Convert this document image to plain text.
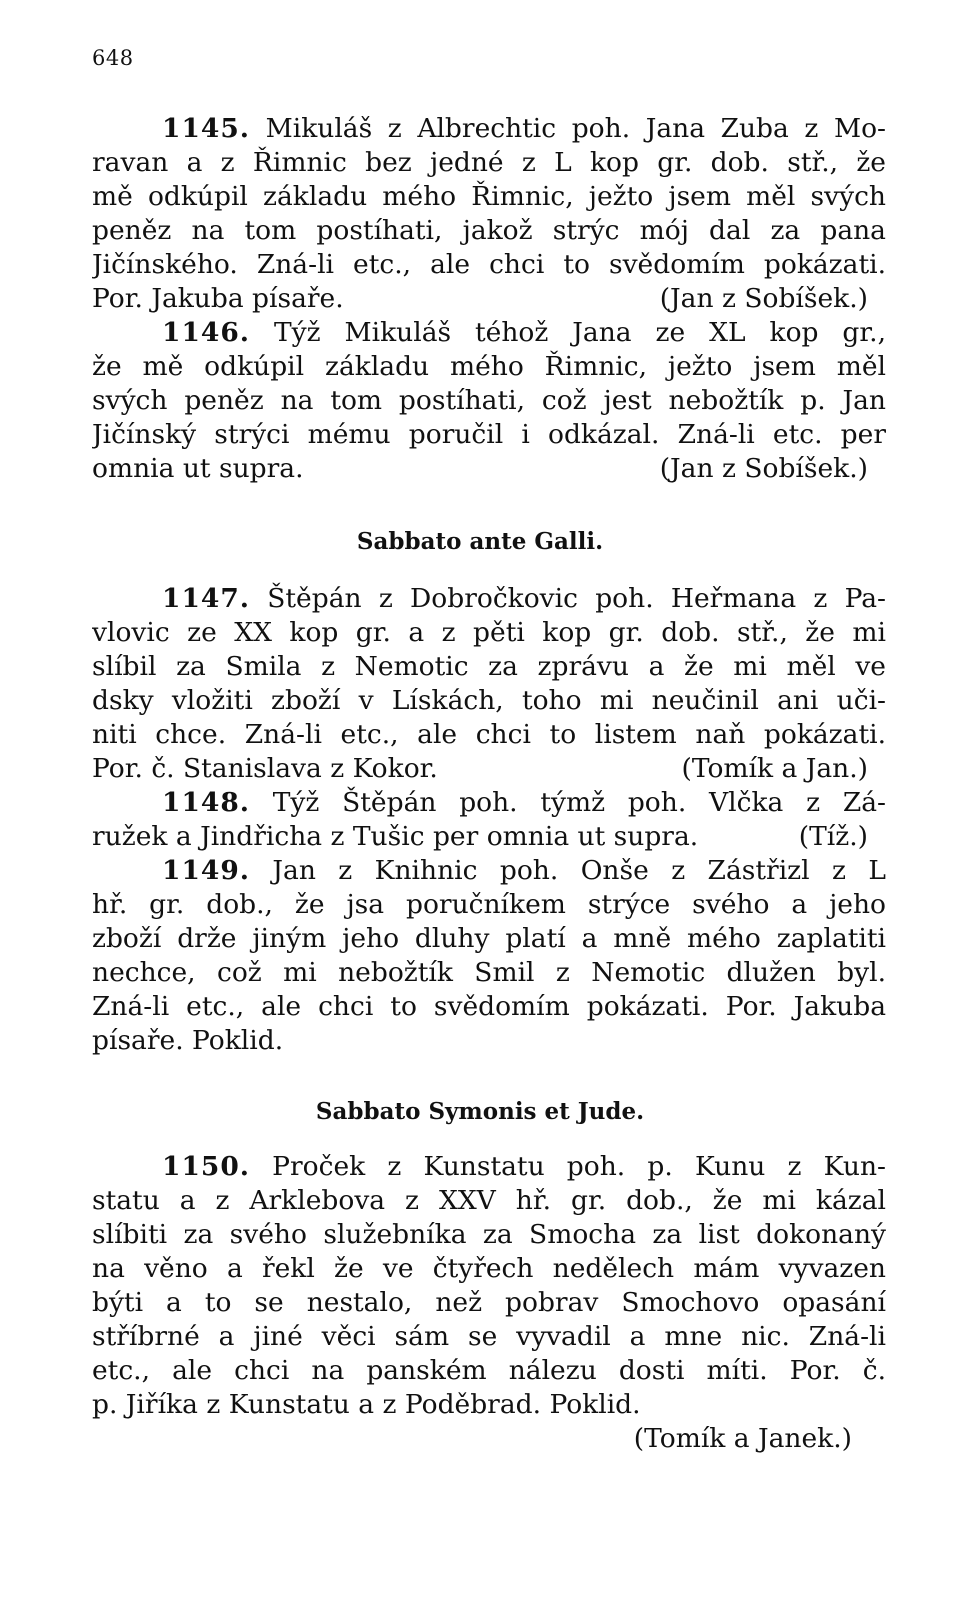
648
1145. Mikuláš z Albrechtic poh. Jana Zuba z Mo-
ravan a z Řimnic bez jedné z L kop gr. dob. stř., že
mě odkúpil základu mého Řimnic, ježto jsem měl svých
peněz na tom postíhati, jakož strýc mój dal za pana
Jičínského. Zná-li etc., ale chci to svědomím pokázati.
Por. Jakuba písaře.	(Jan z Sobíšek.)
1146. Týž Mikuláš téhož Jana ze XL kop gr.,
že mě odkúpil základu mého Řimnic, ježto jsem měl
svých peněz na tom postíhati, což jest nebožtík p. Jan
Jičínský strýci mému poručil i odkázal. Zná-li etc. per
omnia ut supra.	(Jan z Sobíšek.)
Sabbato ante Galli.
1147. Štěpán z Dobročkovic poh. Heřmana z Pa-
vlovic ze XX kop gr. a z pěti kop gr. dob. stř., že mi
slíbil za Smila z Nemotic za zprávu a že mi měl ve
dsky vložiti zboží v Lískách, toho mi neučinil ani uči-
niti chce. Zná-li etc., ale chci to listem naň pokázati.
Por. č. Stanislava z Kokor.	(Tomík a Jan.)
1148. Týž Štěpán poh. týmž poh. Vlčka z Zá-
ružek a Jindřicha z Tušic per omnia ut supra.	(Tíž.)
1149. Jan z Knihnic poh. Onše z Zástřizl z L
hř. gr. dob., že jsa poručníkem strýce svého a jeho
zboží drže jiným jeho dluhy platí a mně mého zaplatiti
nechce, což mi nebožtík Smil z Nemotic dlužen byl.
Zná-li etc., ale chci to svědomím pokázati. Por. Jakuba
písaře. Poklid.
Sabbato Symonis et Jude.
1150. Proček z Kunstatu poh. p. Kunu z Kun-
statu a z Arklebova z XXV hř. gr. dob., že mi kázal
slíbiti za svého služebníka za Smocha za list dokonaný
na věno a řekl že ve čtyřech nedělech mám vyvazen
býti a to se nestalo, než pobrav Smochovo opasání
stříbrné a jiné věci sám se vyvadil a mne nic. Zná-li
etc., ale chci na panském nálezu dosti míti. Por. č.
p. Jiříka z Kunstatu a z Poděbrad. Poklid.
(Tomík a Janek.)
